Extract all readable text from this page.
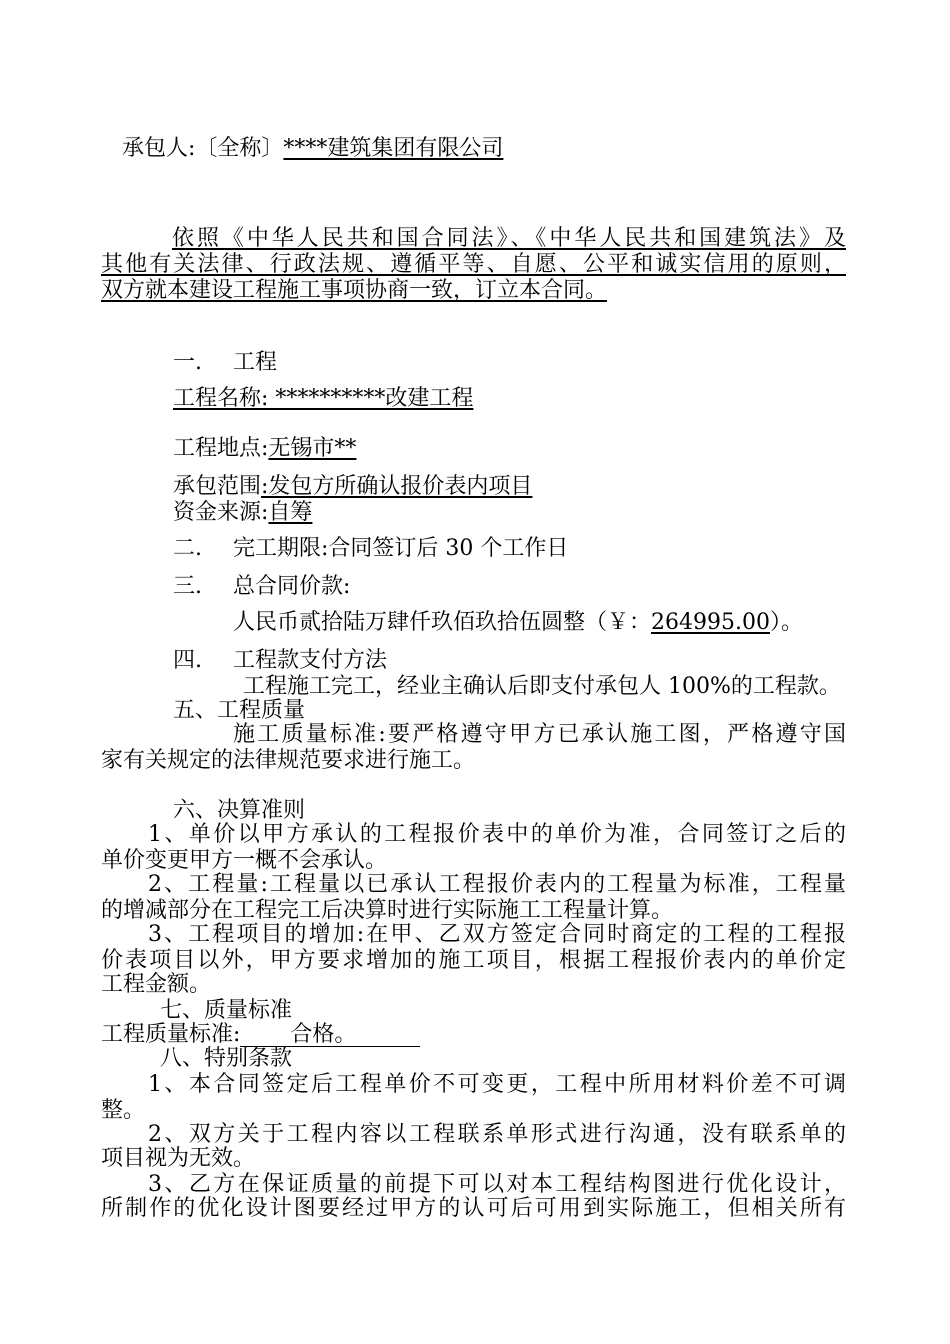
承包人:〔全称〕****建筑集团有限公司
依照《中华人民共和国合同法》、《中华人民共和国建筑法》及
其他有关法律、行政法规、遵循平等、自愿、公平和诚实信用的原则，
双方就本建设工程施工事项协商一致，订立本合同。
一. 工程
工程名称: **********改建工程
工程地点:无锡市**
承包范围:发包方所确认报价表内项目
资金来源:自筹
二. 完工期限:合同签订后 30 个工作日
三. 总合同价款:
人民币贰拾陆万肆仟玖佰玖拾伍圆整（￥：264995.00）。
四. 工程款支付方法
工程施工完工，经业主确认后即支付承包人 100%的工程款。
五、工程质量
施工质量标准:要严格遵守甲方已承认施工图，严格遵守国
家有关规定的法律规范要求进行施工。
六、决算准则
1、单价以甲方承认的工程报价表中的单价为准，合同签订之后的
单价变更甲方一概不会承认。
2、工程量:工程量以已承认工程报价表内的工程量为标准，工程量
的增减部分在工程完工后决算时进行实际施工工程量计算。
3、工程项目的增加:在甲、乙双方签定合同时商定的工程的工程报
价表项目以外，甲方要求增加的施工项目，根据工程报价表内的单价定
工程金额。
七、质量标准
工程质量标准: 合格。
八、特别条款
1、本合同签定后工程单价不可变更，工程中所用材料价差不可调
整。
2、双方关于工程内容以工程联系单形式进行沟通，没有联系单的
项目视为无效。
3、乙方在保证质量的前提下可以对本工程结构图进行优化设计，
所制作的优化设计图要经过甲方的认可后可用到实际施工，但相关所有
